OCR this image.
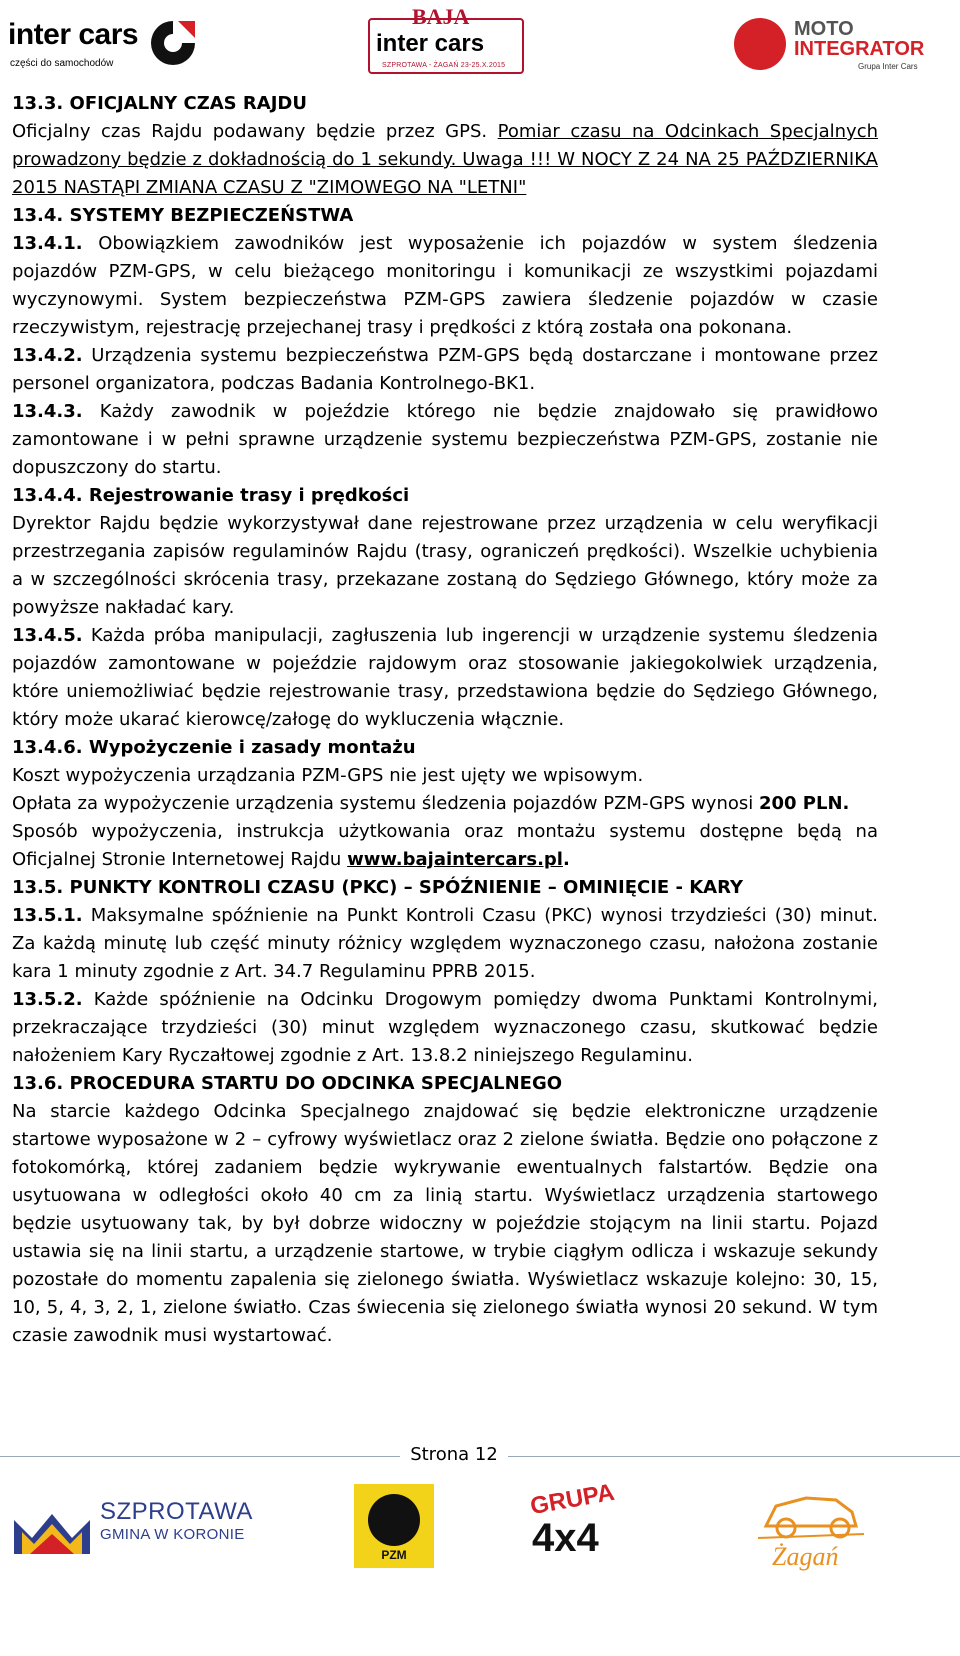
inter cars
części do samochodów
BAJA
inter cars
SZPROTAWA - ŻAGAŃ 23-25.X.2015
MOTO
INTEGRATOR
Grupa Inter Cars

13.3. OFICJALNY CZAS RAJDU

Oficjalny czas Rajdu podawany będzie przez GPS. Pomiar czasu na Odcinkach Specjalnych prowadzony będzie z dokładnością do 1 sekundy. Uwaga !!! W NOCY Z 24 NA 25 PAŹDZIERNIKA 2015 NASTĄPI ZMIANA CZASU Z "ZIMOWEGO NA "LETNI"

13.4. SYSTEMY BEZPIECZEŃSTWA

13.4.1. Obowiązkiem zawodników jest wyposażenie ich pojazdów w system śledzenia pojazdów PZM-GPS, w celu bieżącego monitoringu i komunikacji ze wszystkimi pojazdami wyczynowymi. System bezpieczeństwa PZM-GPS zawiera śledzenie pojazdów w czasie rzeczywistym, rejestrację przejechanej trasy i prędkości z którą została ona pokonana.

13.4.2. Urządzenia systemu bezpieczeństwa PZM-GPS będą dostarczane i montowane przez personel organizatora, podczas Badania Kontrolnego-BK1.

13.4.3. Każdy zawodnik w pojeździe którego nie będzie znajdowało się prawidłowo zamontowane i w pełni sprawne urządzenie systemu bezpieczeństwa PZM-GPS, zostanie nie dopuszczony do startu.

13.4.4. Rejestrowanie trasy i prędkości

Dyrektor Rajdu będzie wykorzystywał dane rejestrowane przez urządzenia w celu weryfikacji przestrzegania zapisów regulaminów Rajdu (trasy, ograniczeń prędkości). Wszelkie uchybienia a w szczególności skrócenia trasy, przekazane zostaną do Sędziego Głównego, który może za powyższe nakładać kary.

13.4.5. Każda próba manipulacji, zagłuszenia lub ingerencji w urządzenie systemu śledzenia pojazdów zamontowane w pojeździe rajdowym oraz stosowanie jakiegokolwiek urządzenia, które uniemożliwiać będzie rejestrowanie trasy, przedstawiona będzie do Sędziego Głównego, który może ukarać kierowcę/załogę do wykluczenia włącznie.

13.4.6. Wypożyczenie i zasady montażu

Koszt wypożyczenia urządzania PZM-GPS nie jest ujęty we wpisowym.

Opłata za wypożyczenie urządzenia systemu śledzenia pojazdów PZM-GPS wynosi 200 PLN.

Sposób wypożyczenia, instrukcja użytkowania oraz montażu systemu dostępne będą na Oficjalnej Stronie Internetowej Rajdu www.bajaintercars.pl.

13.5. PUNKTY KONTROLI CZASU (PKC) – SPÓŹNIENIE – OMINIĘCIE - KARY

13.5.1. Maksymalne spóźnienie na Punkt Kontroli Czasu (PKC) wynosi trzydzieści (30) minut. Za każdą minutę lub część minuty różnicy względem wyznaczonego czasu, nałożona zostanie kara 1 minuty zgodnie z Art. 34.7 Regulaminu PPRB 2015.

13.5.2. Każde spóźnienie na Odcinku Drogowym pomiędzy dwoma Punktami Kontrolnymi, przekraczające trzydzieści (30) minut względem wyznaczonego czasu, skutkować będzie nałożeniem Kary Ryczałtowej zgodnie z Art. 13.8.2 niniejszego Regulaminu.

13.6. PROCEDURA STARTU DO ODCINKA SPECJALNEGO

Na starcie każdego Odcinka Specjalnego znajdować się będzie elektroniczne urządzenie startowe wyposażone w 2 – cyfrowy wyświetlacz oraz 2 zielone światła. Będzie ono połączone z fotokomórką, której zadaniem będzie wykrywanie ewentualnych falstartów. Będzie ona usytuowana w odległości około 40 cm za linią startu. Wyświetlacz urządzenia startowego będzie usytuowany tak, by był dobrze widoczny w pojeździe stojącym na linii startu. Pojazd ustawia się na linii startu, a urządzenie startowe, w trybie ciągłym odlicza i wskazuje sekundy pozostałe do momentu zapalenia się zielonego światła. Wyświetlacz wskazuje kolejno: 30, 15, 10, 5, 4, 3, 2, 1, zielone światło. Czas świecenia się zielonego światła wynosi 20 sekund. W tym czasie zawodnik musi wystartować.

Strona 12
SZPROTAWA
GMINA W KORONIE
PZM
GRUPA
4x4	Żagań
